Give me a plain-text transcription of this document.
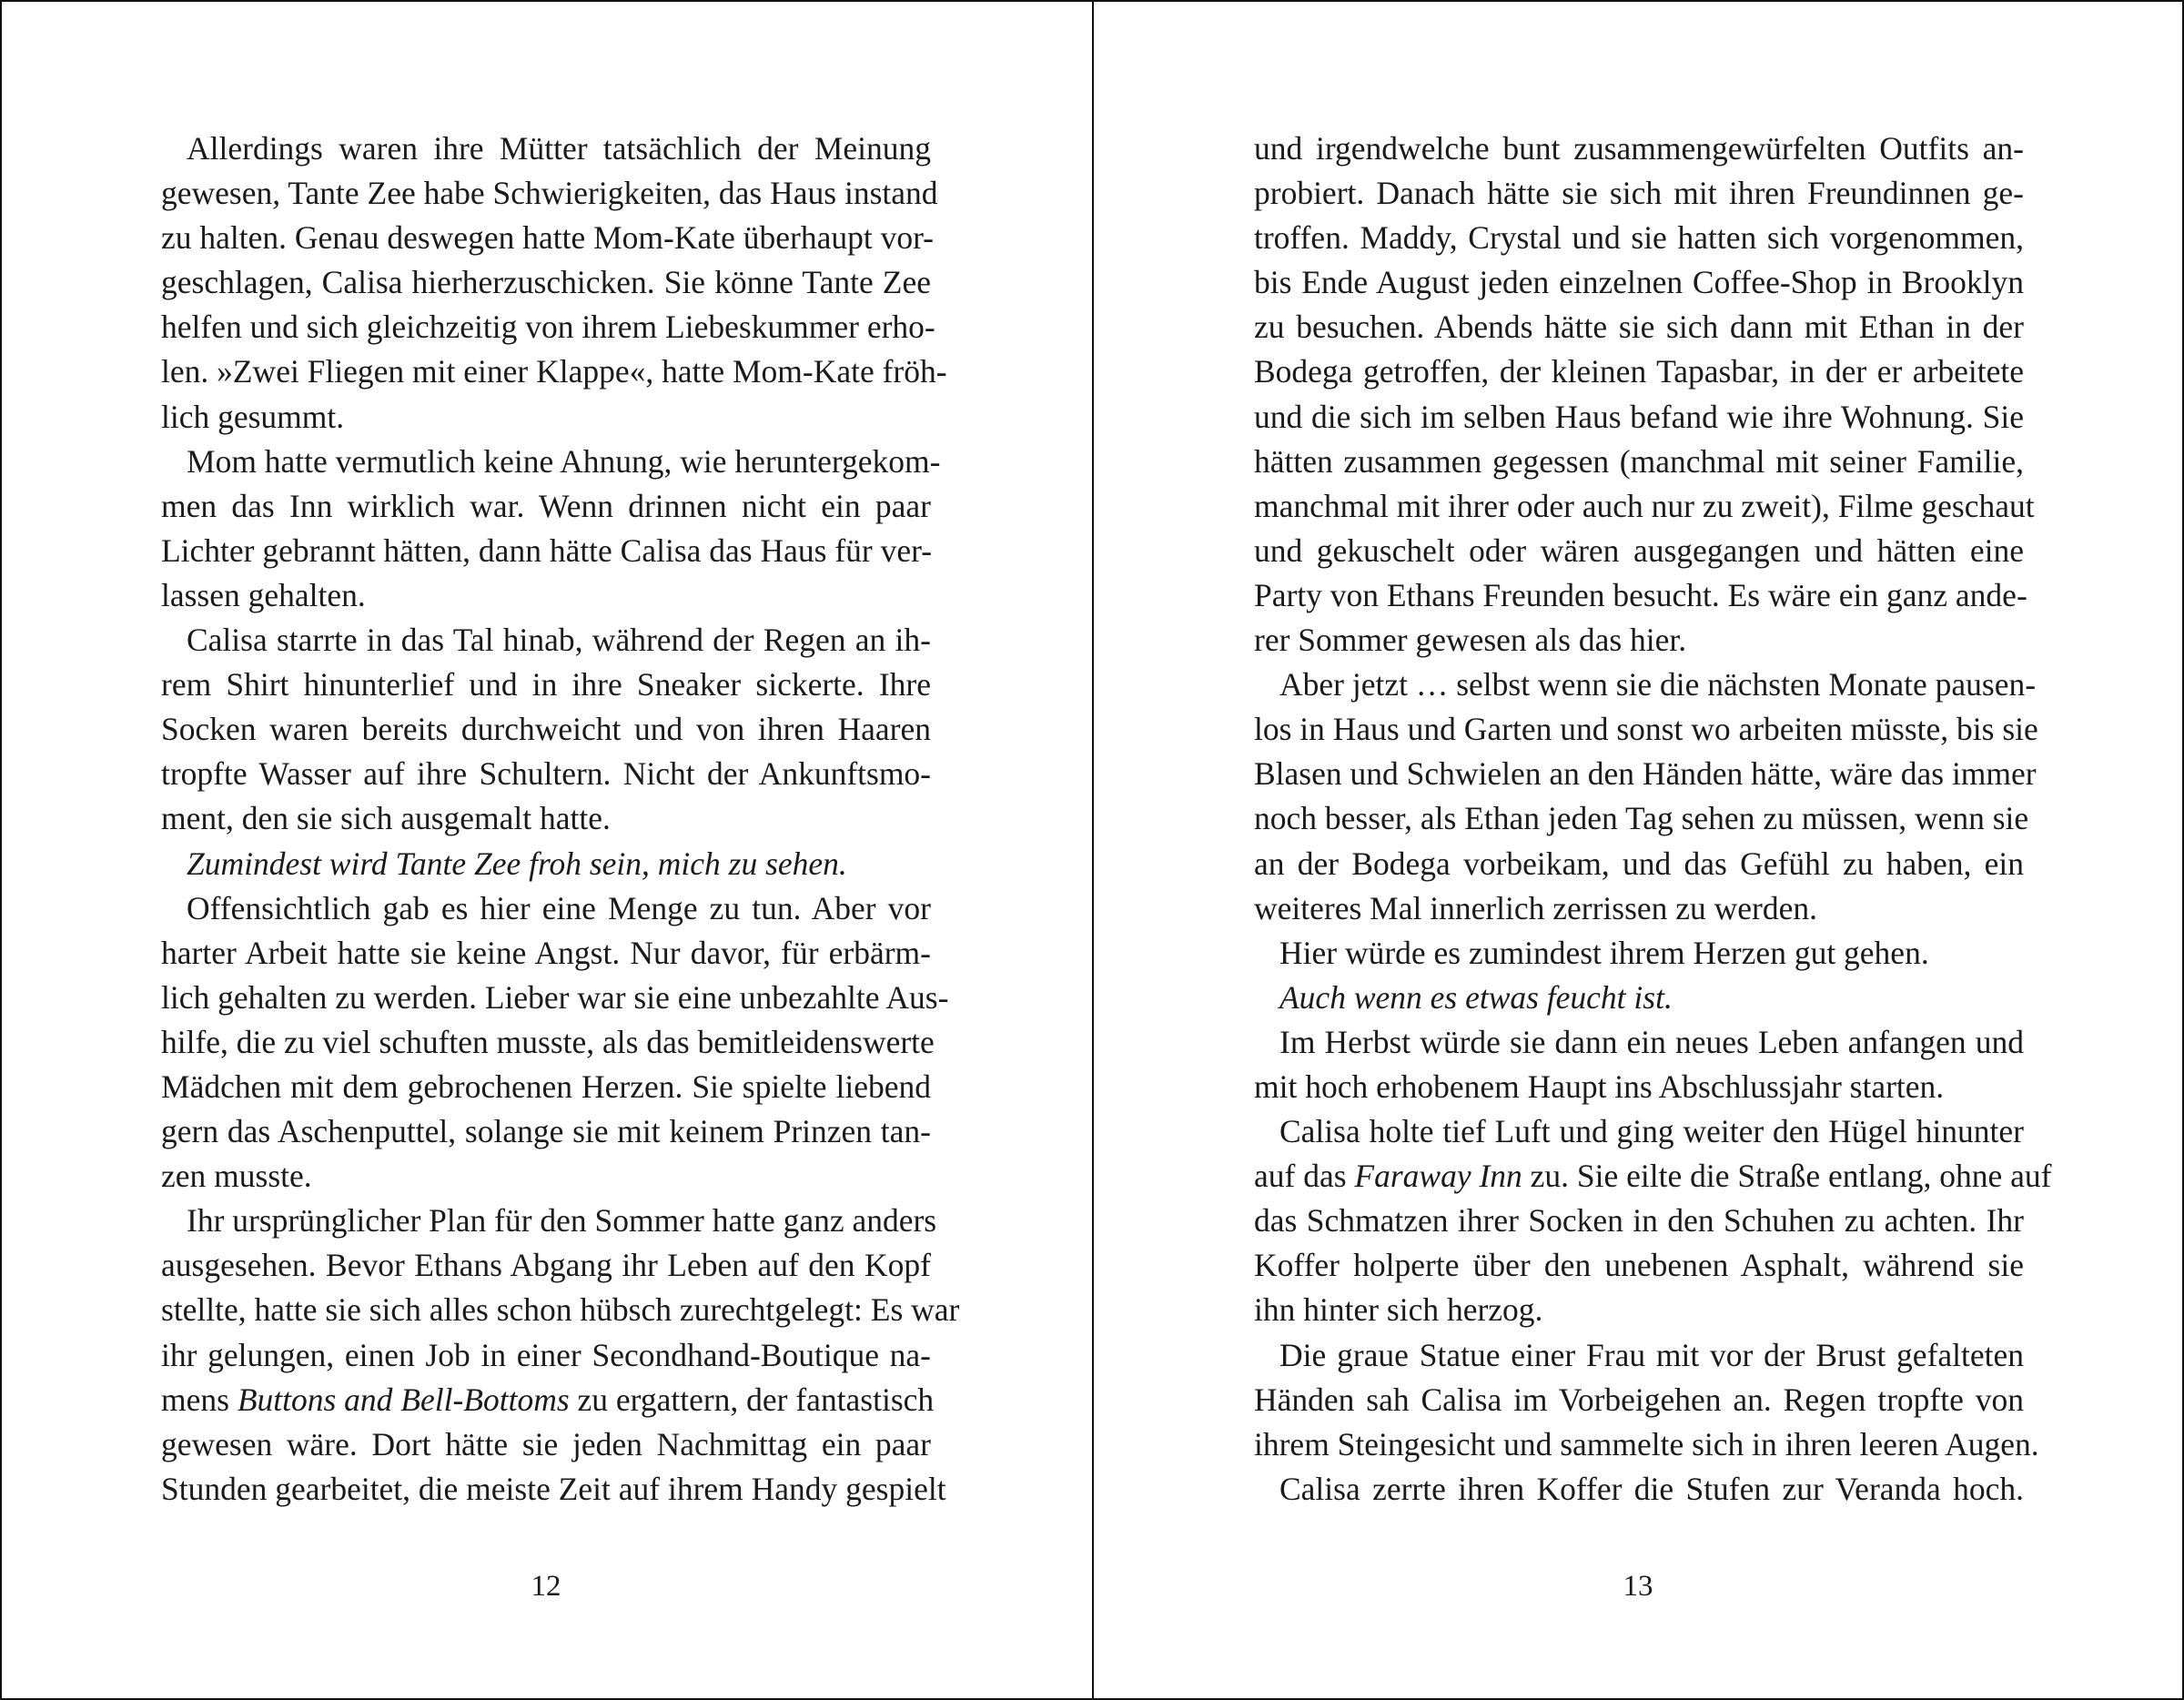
Allerdings waren ihre Mütter tatsächlich der Meinung
gewesen, Tante Zee habe Schwierigkeiten, das Haus instand
zu halten. Genau deswegen hatte Mom-Kate überhaupt vor-
geschlagen, Calisa hierherzuschicken. Sie könne Tante Zee
helfen und sich gleichzeitig von ihrem Liebeskummer erho-
len. »Zwei Fliegen mit einer Klappe«, hatte Mom-Kate fröh-
lich gesummt.
Mom hatte vermutlich keine Ahnung, wie heruntergekom-
men das Inn wirklich war. Wenn drinnen nicht ein paar
Lichter gebrannt hätten, dann hätte Calisa das Haus für ver-
lassen gehalten.
Calisa starrte in das Tal hinab, während der Regen an ih-
rem Shirt hinunterlief und in ihre Sneaker sickerte. Ihre
Socken waren bereits durchweicht und von ihren Haaren
tropfte Wasser auf ihre Schultern. Nicht der Ankunftsmo-
ment, den sie sich ausgemalt hatte.
Zumindest wird Tante Zee froh sein, mich zu sehen.
Offensichtlich gab es hier eine Menge zu tun. Aber vor
harter Arbeit hatte sie keine Angst. Nur davor, für erbärm-
lich gehalten zu werden. Lieber war sie eine unbezahlte Aus-
hilfe, die zu viel schuften musste, als das bemitleidenswerte
Mädchen mit dem gebrochenen Herzen. Sie spielte liebend
gern das Aschenputtel, solange sie mit keinem Prinzen tan-
zen musste.
Ihr ursprünglicher Plan für den Sommer hatte ganz anders
ausgesehen. Bevor Ethans Abgang ihr Leben auf den Kopf
stellte, hatte sie sich alles schon hübsch zurechtgelegt: Es war
ihr gelungen, einen Job in einer Secondhand-Boutique na-
mens Buttons and Bell-Bottoms zu ergattern, der fantastisch
gewesen wäre. Dort hätte sie jeden Nachmittag ein paar
Stunden gearbeitet, die meiste Zeit auf ihrem Handy gespielt
12
und irgendwelche bunt zusammengewürfelten Outfits an-
probiert. Danach hätte sie sich mit ihren Freundinnen ge-
troffen. Maddy, Crystal und sie hatten sich vorgenommen,
bis Ende August jeden einzelnen Coffee-Shop in Brooklyn
zu besuchen. Abends hätte sie sich dann mit Ethan in der
Bodega getroffen, der kleinen Tapasbar, in der er arbeitete
und die sich im selben Haus befand wie ihre Wohnung. Sie
hätten zusammen gegessen (manchmal mit seiner Familie,
manchmal mit ihrer oder auch nur zu zweit), Filme geschaut
und gekuschelt oder wären ausgegangen und hätten eine
Party von Ethans Freunden besucht. Es wäre ein ganz ande-
rer Sommer gewesen als das hier.
Aber jetzt … selbst wenn sie die nächsten Monate pausen-
los in Haus und Garten und sonst wo arbeiten müsste, bis sie
Blasen und Schwielen an den Händen hätte, wäre das immer
noch besser, als Ethan jeden Tag sehen zu müssen, wenn sie
an der Bodega vorbeikam, und das Gefühl zu haben, ein
weiteres Mal innerlich zerrissen zu werden.
Hier würde es zumindest ihrem Herzen gut gehen.
Auch wenn es etwas feucht ist.
Im Herbst würde sie dann ein neues Leben anfangen und
mit hoch erhobenem Haupt ins Abschlussjahr starten.
Calisa holte tief Luft und ging weiter den Hügel hinunter
auf das Faraway Inn zu. Sie eilte die Straße entlang, ohne auf
das Schmatzen ihrer Socken in den Schuhen zu achten. Ihr
Koffer holperte über den unebenen Asphalt, während sie
ihn hinter sich herzog.
Die graue Statue einer Frau mit vor der Brust gefalteten
Händen sah Calisa im Vorbeigehen an. Regen tropfte von
ihrem Steingesicht und sammelte sich in ihren leeren Augen.
Calisa zerrte ihren Koffer die Stufen zur Veranda hoch.
13
